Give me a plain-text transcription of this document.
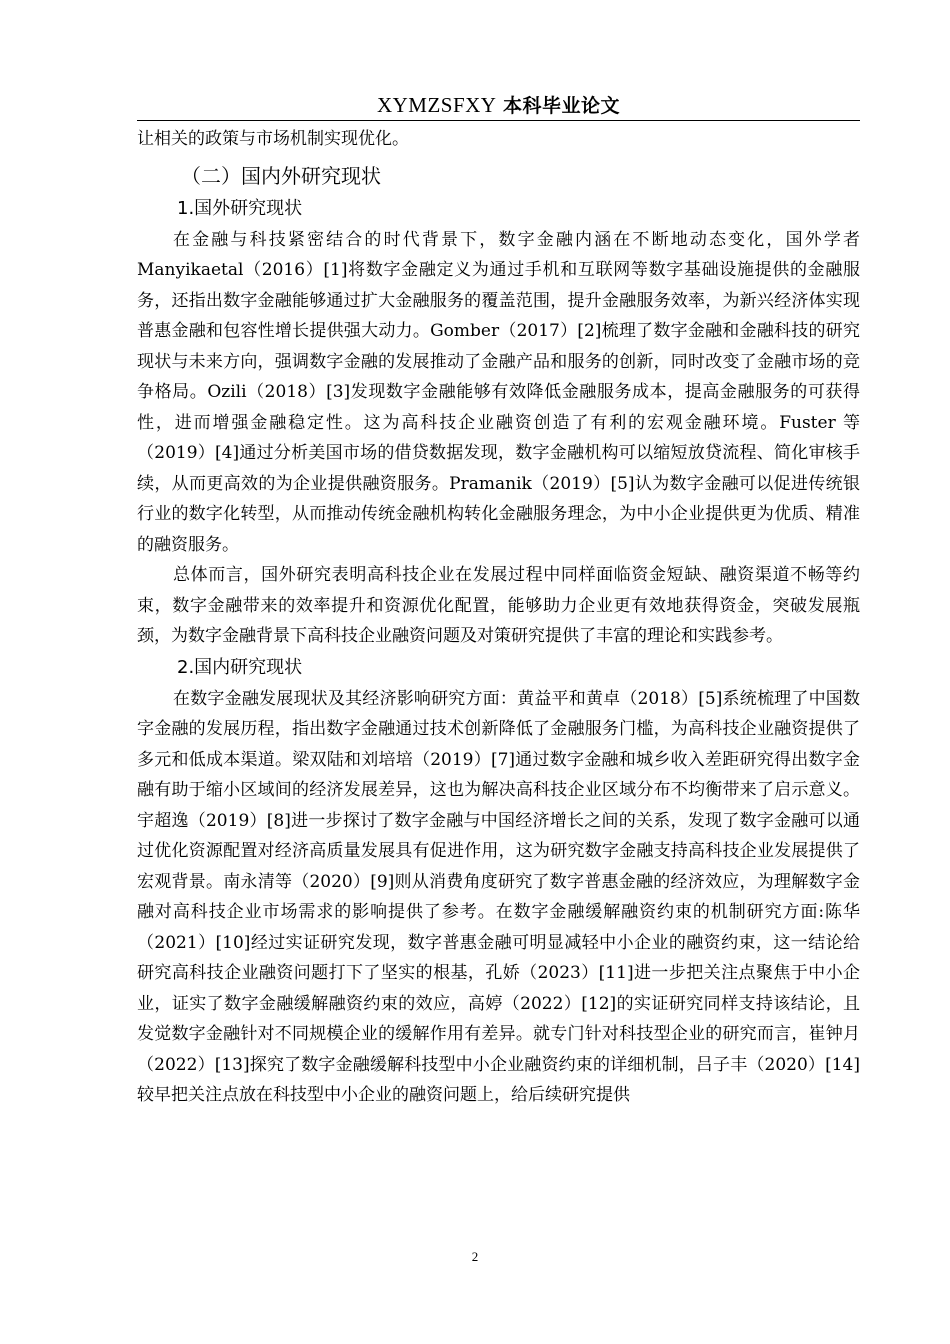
XYMZSFXY 本科毕业论文

让相关的政策与市场机制实现优化。

（二）国内外研究现状
1.国外研究现状

在金融与科技紧密结合的时代背景下，数字金融内涵在不断地动态变化，国外学者 Manyikaetal（2016）[1]将数字金融定义为通过手机和互联网等数字基础设施提供的金融服务，还指出数字金融能够通过扩大金融服务的覆盖范围，提升金融服务效率，为新兴经济体实现普惠金融和包容性增长提供强大动力。Gomber（2017）[2]梳理了数字金融和金融科技的研究现状与未来方向，强调数字金融的发展推动了金融产品和服务的创新，同时改变了金融市场的竞争格局。Ozili（2018）[3]发现数字金融能够有效降低金融服务成本，提高金融服务的可获得性，进而增强金融稳定性。这为高科技企业融资创造了有利的宏观金融环境。Fuster 等（2019）[4]通过分析美国市场的借贷数据发现，数字金融机构可以缩短放贷流程、简化审核手续，从而更高效的为企业提供融资服务。Pramanik（2019）[5]认为数字金融可以促进传统银行业的数字化转型，从而推动传统金融机构转化金融服务理念，为中小企业提供更为优质、精准的融资服务。

总体而言，国外研究表明高科技企业在发展过程中同样面临资金短缺、融资渠道不畅等约束，数字金融带来的效率提升和资源优化配置，能够助力企业更有效地获得资金，突破发展瓶颈，为数字金融背景下高科技企业融资问题及对策研究提供了丰富的理论和实践参考。

2.国内研究现状

在数字金融发展现状及其经济影响研究方面：黄益平和黄卓（2018）[5]系统梳理了中国数字金融的发展历程，指出数字金融通过技术创新降低了金融服务门槛，为高科技企业融资提供了多元和低成本渠道。梁双陆和刘培培（2019）[7]通过数字金融和城乡收入差距研究得出数字金融有助于缩小区域间的经济发展差异，这也为解决高科技企业区域分布不均衡带来了启示意义。宇超逸（2019）[8]进一步探讨了数字金融与中国经济增长之间的关系，发现了数字金融可以通过优化资源配置对经济高质量发展具有促进作用，这为研究数字金融支持高科技企业发展提供了宏观背景。南永清等（2020）[9]则从消费角度研究了数字普惠金融的经济效应，为理解数字金融对高科技企业市场需求的影响提供了参考。在数字金融缓解融资约束的机制研究方面:陈华（2021）[10]经过实证研究发现，数字普惠金融可明显减轻中小企业的融资约束，这一结论给研究高科技企业融资问题打下了坚实的根基，孔娇（2023）[11]进一步把关注点聚焦于中小企业，证实了数字金融缓解融资约束的效应，高婷（2022）[12]的实证研究同样支持该结论，且发觉数字金融针对不同规模企业的缓解作用有差异。就专门针对科技型企业的研究而言，崔钟月（2022）[13]探究了数字金融缓解科技型中小企业融资约束的详细机制，吕子丰（2020）[14]较早把关注点放在科技型中小企业的融资问题上，给后续研究提供

2
